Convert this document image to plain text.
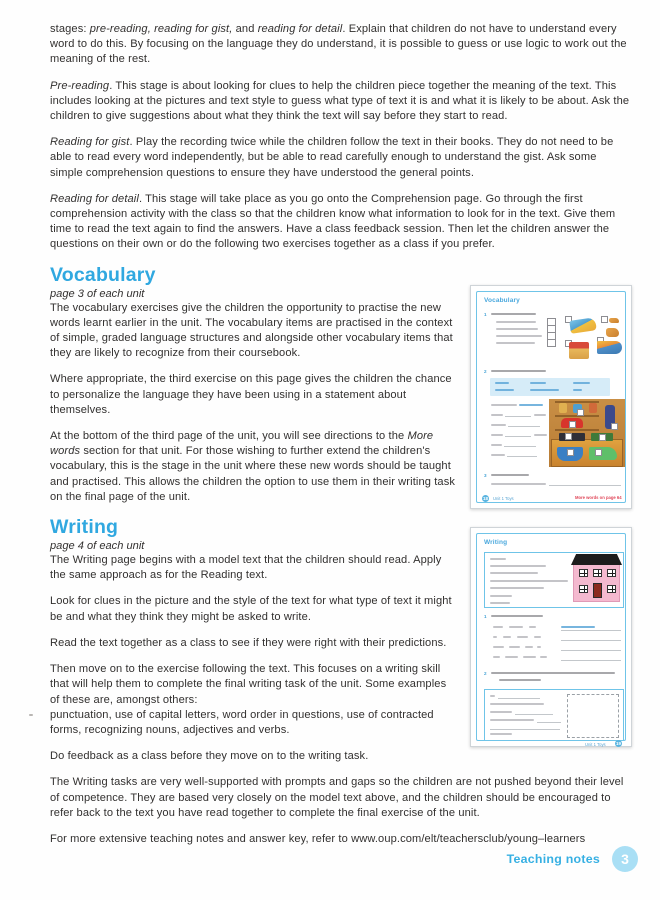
stages: pre-reading, reading for gist, and reading for detail. Explain that children do not have to understand every word to do this. By focusing on the language they do understand, it is possible to guess or use logic to work out the meaning of the rest.

Pre-reading. This stage is about looking for clues to help the children piece together the meaning of the text. This includes looking at the pictures and text style to guess what type of text it is and what it is likely to be about. Ask the children to give suggestions about what they think the text will say before they start to read.

Reading for gist. Play the recording twice while the children follow the text in their books. They do not need to be able to read every word independently, but be able to read carefully enough to understand the gist. Ask some simple comprehension questions to ensure they have understood the general points.

Reading for detail. This stage will take place as you go onto the Comprehension page. Go through the first comprehension activity with the class so that the children know what information to look for in the text. Give them time to read the text again to find the answers. Have a class feedback session. Then let the children answer the questions on their own or do the following two exercises together as a class if you prefer.

Vocabulary
page 3 of each unit

The vocabulary exercises give the children the opportunity to practise the new words learnt earlier in the unit. The vocabulary items are practised in the context of simple, graded language structures and alongside other vocabulary items that they are likely to recognize from their coursebook.

Where appropriate, the third exercise on this page gives the children the chance to personalize the language they have been using in a statement about themselves.

At the bottom of the third page of the unit, you will see directions to the More words section for that unit. For those wishing to further extend the children's vocabulary, this is the stage in the unit where these new words should be taught and practised. This allows the children the option to use them in their writing task on the final page of the unit.

Writing
page 4 of each unit

The Writing page begins with a model text that the children should read. Apply the same approach as for the Reading text.

Look for clues in the picture and the style of the text for what type of text it might be and what they think they might be asked to write.

Read the text together as a class to see if they were right with their predictions.

Then move on to the exercise following the text. This focuses on a writing skill that will help them to complete the final writing task of the unit. Some examples of these are, amongst others:

punctuation, use of capital letters, word order in questions, use of contracted forms, recognizing nouns, adjectives and verbs.

Do feedback as a class before they move on to the writing task.

The Writing tasks are very well-supported with prompts and gaps so the children are not pushed beyond their level of competence. They are based very closely on the model text above, and the children should be encouraged to refer back to the text you have read together to complete the final exercise of the unit.

For more extensive teaching notes and answer key, refer to www.oup.com/elt/teachersclub/young–learners

Vocabulary
1
2
3
18 Unit 1 Toys	More words on page 64
Writing
1
2
Unit 1 Toys 19
Teaching notes	3
